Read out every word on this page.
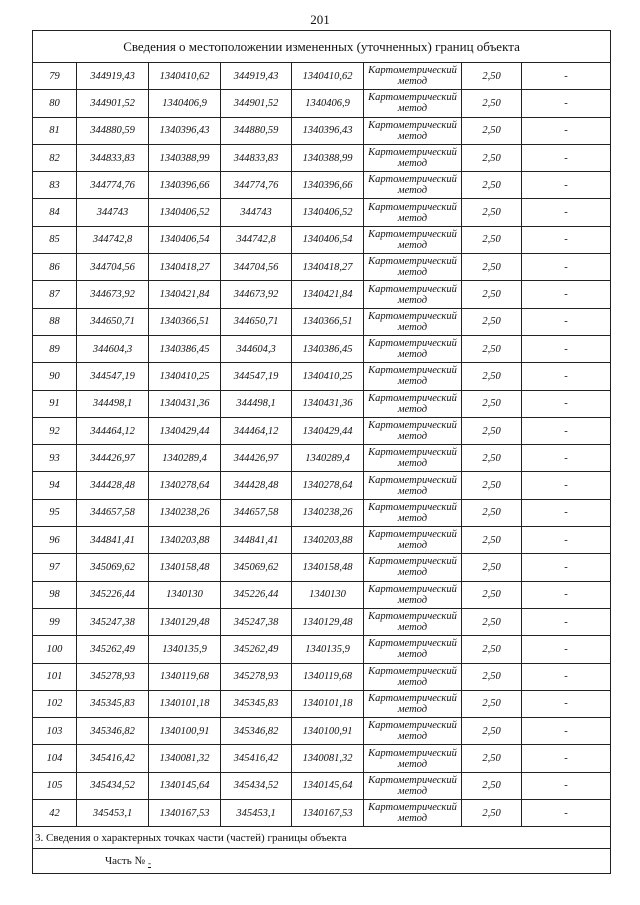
201
Сведения о местоположении измененных (уточненных) границ объекта							
79	344919,43	1340410,62	344919,43	1340410,62	Картометрический метод	2,50	-
80	344901,52	1340406,9	344901,52	1340406,9	Картометрический метод	2,50	-
81	344880,59	1340396,43	344880,59	1340396,43	Картометрический метод	2,50	-
82	344833,83	1340388,99	344833,83	1340388,99	Картометрический метод	2,50	-
83	344774,76	1340396,66	344774,76	1340396,66	Картометрический метод	2,50	-
84	344743	1340406,52	344743	1340406,52	Картометрический метод	2,50	-
85	344742,8	1340406,54	344742,8	1340406,54	Картометрический метод	2,50	-
86	344704,56	1340418,27	344704,56	1340418,27	Картометрический метод	2,50	-
87	344673,92	1340421,84	344673,92	1340421,84	Картометрический метод	2,50	-
88	344650,71	1340366,51	344650,71	1340366,51	Картометрический метод	2,50	-
89	344604,3	1340386,45	344604,3	1340386,45	Картометрический метод	2,50	-
90	344547,19	1340410,25	344547,19	1340410,25	Картометрический метод	2,50	-
91	344498,1	1340431,36	344498,1	1340431,36	Картометрический метод	2,50	-
92	344464,12	1340429,44	344464,12	1340429,44	Картометрический метод	2,50	-
93	344426,97	1340289,4	344426,97	1340289,4	Картометрический метод	2,50	-
94	344428,48	1340278,64	344428,48	1340278,64	Картометрический метод	2,50	-
95	344657,58	1340238,26	344657,58	1340238,26	Картометрический метод	2,50	-
96	344841,41	1340203,88	344841,41	1340203,88	Картометрический метод	2,50	-
97	345069,62	1340158,48	345069,62	1340158,48	Картометрический метод	2,50	-
98	345226,44	1340130	345226,44	1340130	Картометрический метод	2,50	-
99	345247,38	1340129,48	345247,38	1340129,48	Картометрический метод	2,50	-
100	345262,49	1340135,9	345262,49	1340135,9	Картометрический метод	2,50	-
101	345278,93	1340119,68	345278,93	1340119,68	Картометрический метод	2,50	-
102	345345,83	1340101,18	345345,83	1340101,18	Картометрический метод	2,50	-
103	345346,82	1340100,91	345346,82	1340100,91	Картометрический метод	2,50	-
104	345416,42	1340081,32	345416,42	1340081,32	Картометрический метод	2,50	-
105	345434,52	1340145,64	345434,52	1340145,64	Картометрический метод	2,50	-
42	345453,1	1340167,53	345453,1	1340167,53	Картометрический метод	2,50	-
3. Сведения о характерных точках части (частей) границы объекта							
Часть № -							
